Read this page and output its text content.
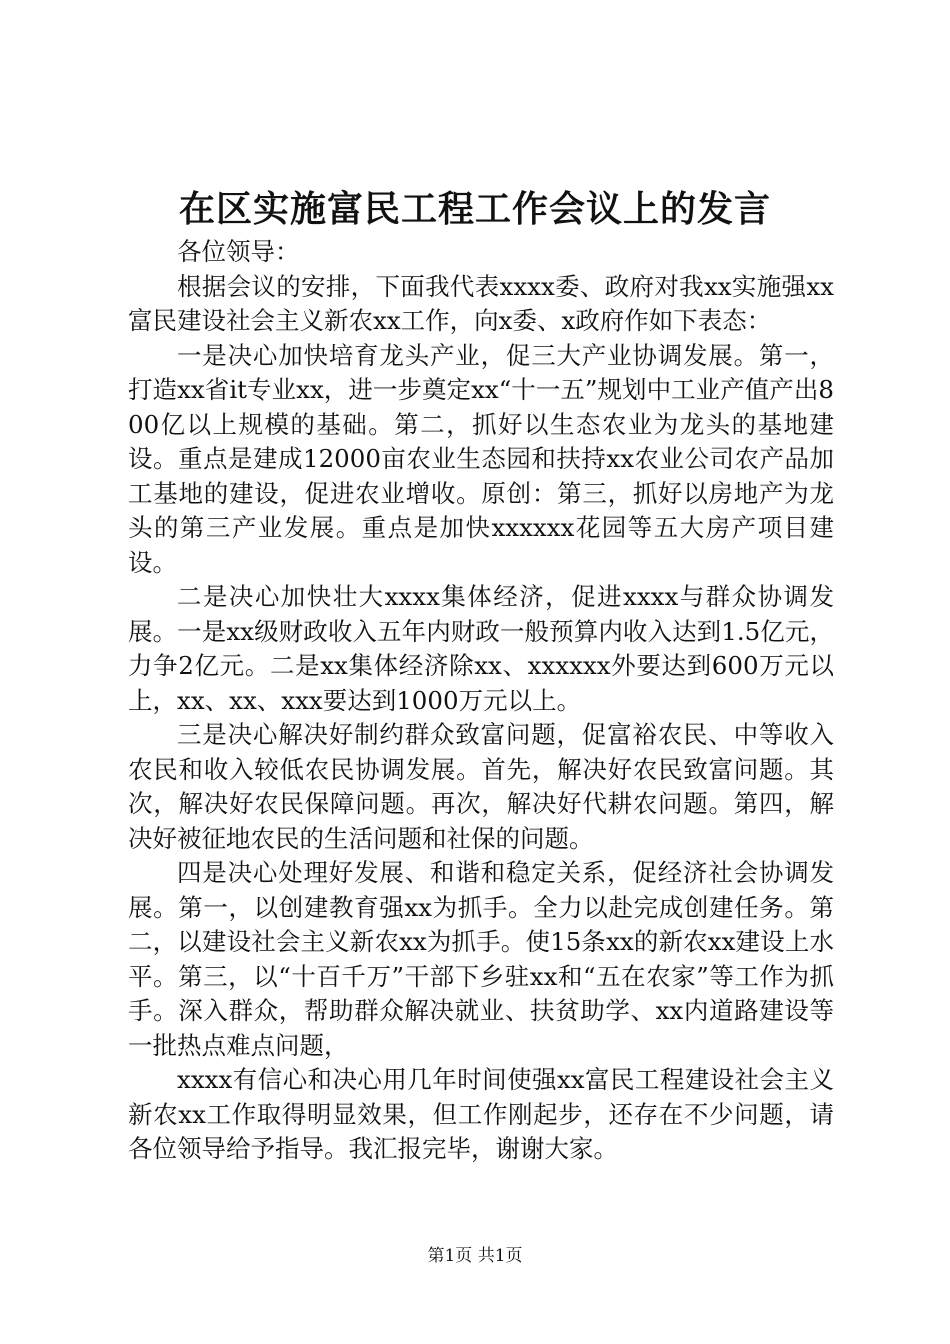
在区实施富民工程工作会议上的发言

各位领导：

根据会议的安排，下面我代表xxxx委、政府对我xx实施强xx富民建设社会主义新农xx工作，向x委、x政府作如下表态：

一是决心加快培育龙头产业，促三大产业协调发展。第一，打造xx省it专业xx，进一步奠定xx“十一五”规划中工业产值产出800亿以上规模的基础。第二，抓好以生态农业为龙头的基地建设。重点是建成12000亩农业生态园和扶持xx农业公司农产品加工基地的建设，促进农业增收。原创：第三，抓好以房地产为龙头的第三产业发展。重点是加快xxxxxx花园等五大房产项目建设。

二是决心加快壮大xxxx集体经济，促进xxxx与群众协调发展。一是xx级财政收入五年内财政一般预算内收入达到1.5亿元，力争2亿元。二是xx集体经济除xx、xxxxxx外要达到600万元以上，xx、xx、xxx要达到1000万元以上。

三是决心解决好制约群众致富问题，促富裕农民、中等收入农民和收入较低农民协调发展。首先，解决好农民致富问题。其次，解决好农民保障问题。再次，解决好代耕农问题。第四，解决好被征地农民的生活问题和社保的问题。

四是决心处理好发展、和谐和稳定关系，促经济社会协调发展。第一，以创建教育强xx为抓手。全力以赴完成创建任务。第二，以建设社会主义新农xx为抓手。使15条xx的新农xx建设上水平。第三，以“十百千万”干部下乡驻xx和“五在农家”等工作为抓手。深入群众，帮助群众解决就业、扶贫助学、xx内道路建设等一批热点难点问题，

xxxx有信心和决心用几年时间使强xx富民工程建设社会主义新农xx工作取得明显效果，但工作刚起步，还存在不少问题，请各位领导给予指导。我汇报完毕，谢谢大家。

第1页 共1页
